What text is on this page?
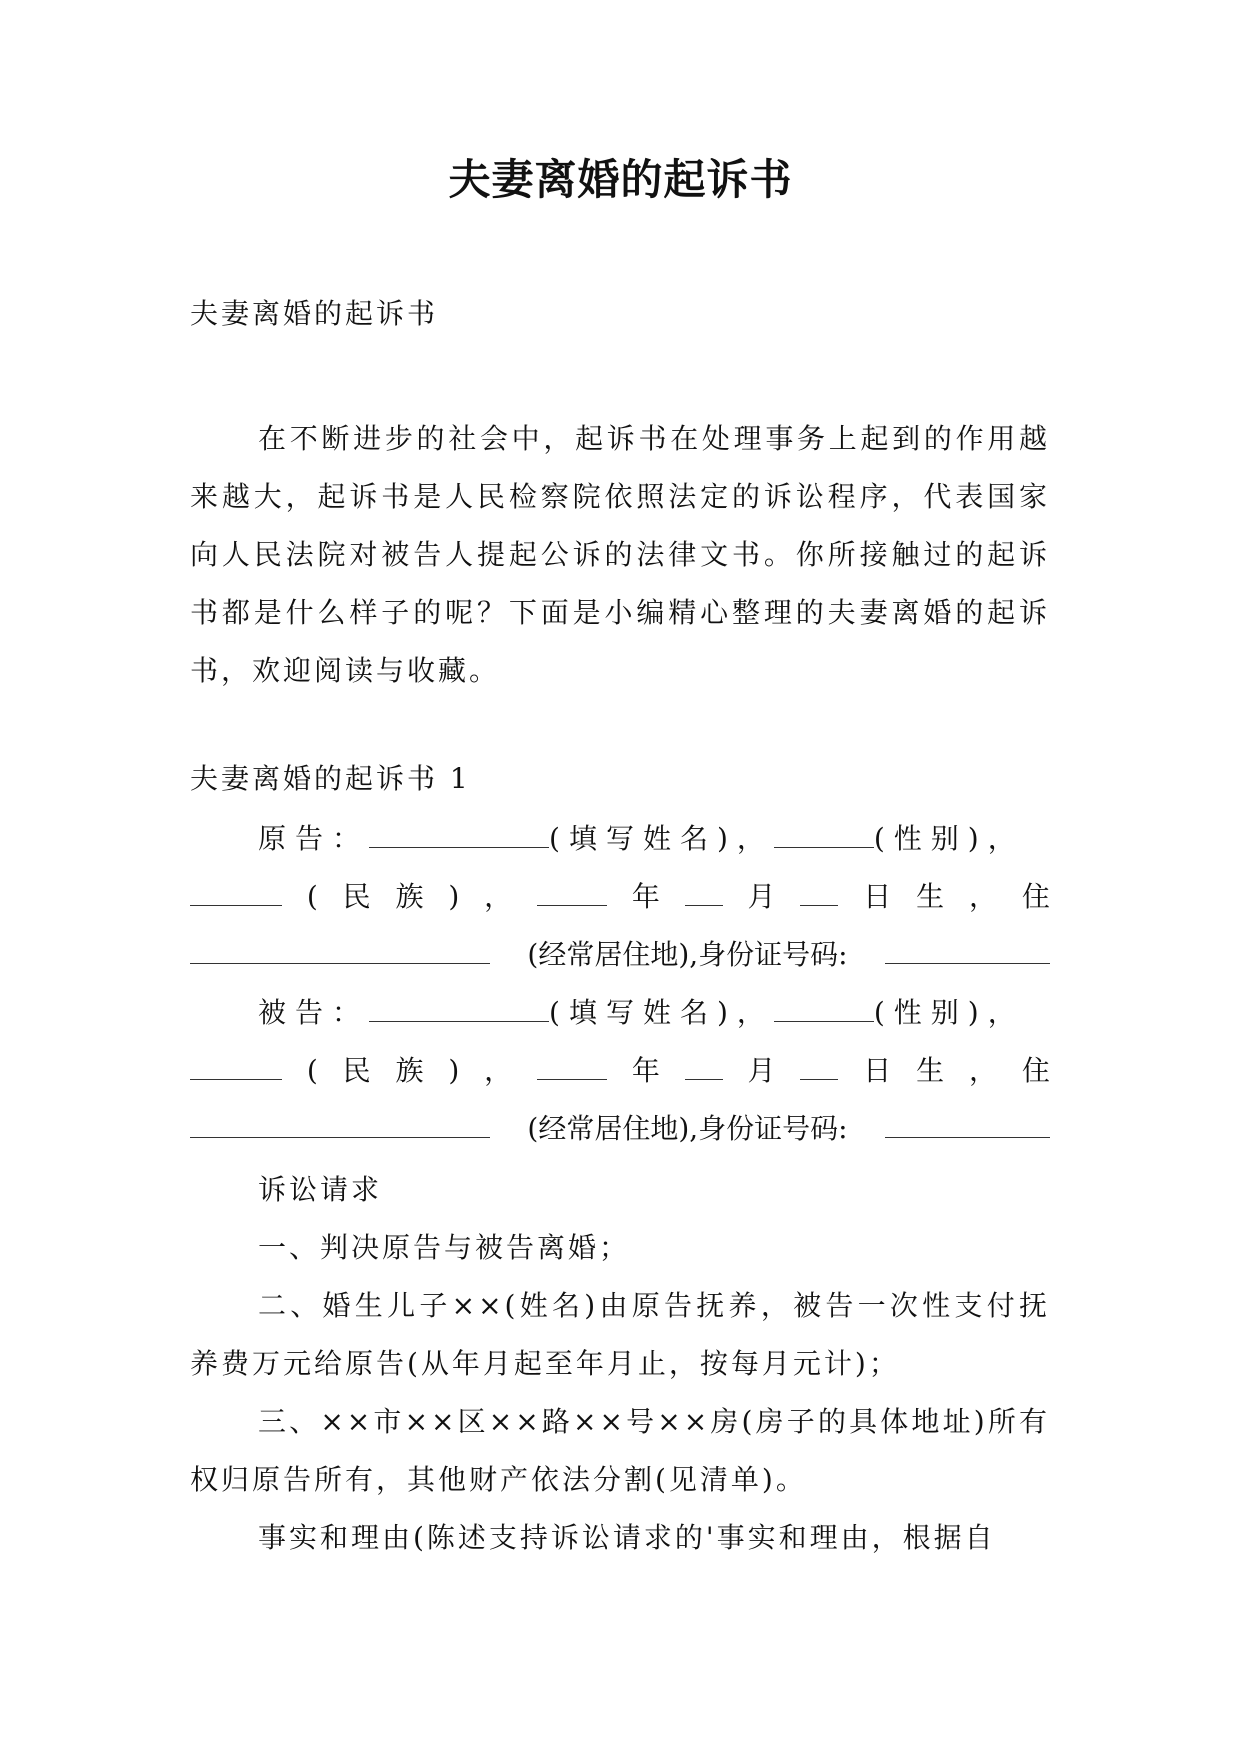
夫妻离婚的起诉书
夫妻离婚的起诉书
在不断进步的社会中，起诉书在处理事务上起到的作用越来越大，起诉书是人民检察院依照法定的诉讼程序，代表国家向人民法院对被告人提起公诉的法律文书。你所接触过的起诉书都是什么样子的呢？下面是小编精心整理的夫妻离婚的起诉书，欢迎阅读与收藏。
夫妻离婚的起诉书 1
原告：	(填写姓名)，	(性别)，
( 民 族 ) ，	年	月	日 生 ， 住
(经常居住地),身份证号码:
被告：	(填写姓名)，	(性别)，
( 民 族 ) ，	年	月	日 生 ， 住
(经常居住地),身份证号码:
诉讼请求
一、判决原告与被告离婚；
二、婚生儿子××(姓名)由原告抚养，被告一次性支付抚养费万元给原告(从年月起至年月止，按每月元计)；
三、××市××区××路××号××房(房子的具体地址)所有权归原告所有，其他财产依法分割(见清单)。
事实和理由(陈述支持诉讼请求的'事实和理由，根据自
